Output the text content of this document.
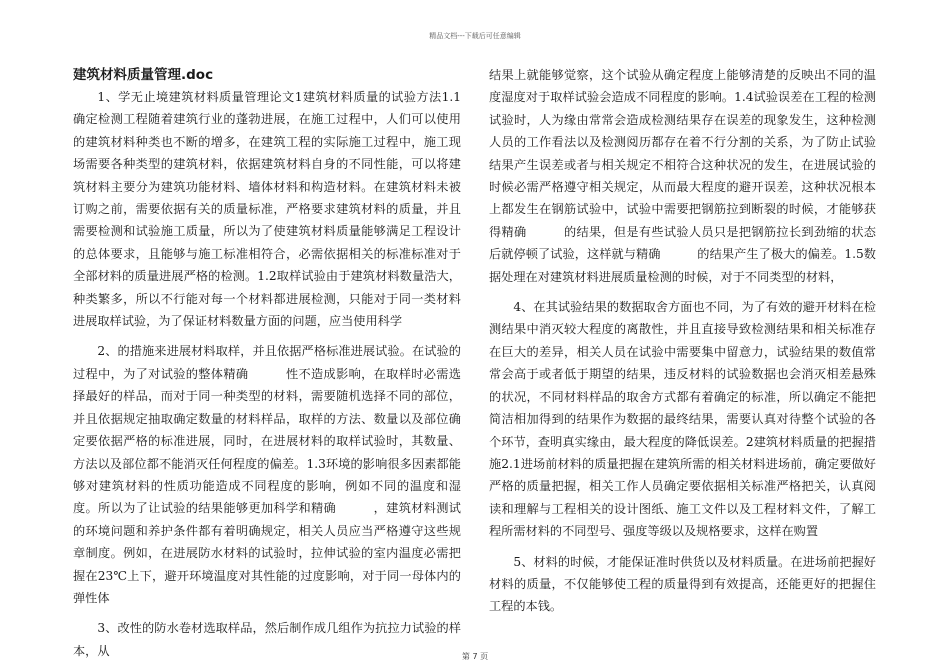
精品文档---下载后可任意编辑

建筑材料质量管理.doc

1、学无止境建筑材料质量管理论文1建筑材料质量的试验方法1.1确定检测工程随着建筑行业的蓬勃进展，在施工过程中，人们可以使用的建筑材料种类也不断的增多，在建筑工程的实际施工过程中，施工现场需要各种类型的建筑材料，依据建筑材料自身的不同性能，可以将建筑材料主要分为建筑功能材料、墙体材料和构造材料。在建筑材料未被订购之前，需要依据有关的质量标准，严格要求建筑材料的质量，并且需要检测和试验施工质量，所以为了使建筑材料质量能够满足工程设计的总体要求，且能够与施工标准相符合，必需依据相关的标准标准对于全部材料的质量进展严格的检测。1.2取样试验由于建筑材料数量浩大，种类繁多，所以不行能对每一个材料都进展检测，只能对于同一类材料进展取样试验，为了保证材料数量方面的问题，应当使用科学

2、的措施来进展材料取样，并且依据严格标准进展试验。在试验的过程中，为了对试验的整体精确　　　性不造成影响，在取样时必需选择最好的样品，而对于同一种类型的材料，需要随机选择不同的部位，并且依据规定抽取确定数量的材料样品，取样的方法、数量以及部位确定要依据严格的标准进展，同时，在进展材料的取样试验时，其数量、方法以及部位都不能消灭任何程度的偏差。1.3环境的影响很多因素都能够对建筑材料的性质功能造成不同程度的影响，例如不同的温度和湿度。所以为了让试验的结果能够更加科学和精确　　　，建筑材料测试的环境问题和养护条件都有着明确规定，相关人员应当严格遵守这些规章制度。例如，在进展防水材料的试验时，拉伸试验的室内温度必需把握在23℃上下，避开环境温度对其性能的过度影响，对于同一母体内的弹性体

3、改性的防水卷材选取样品，然后制作成几组作为抗拉力试验的样本，从

结果上就能够觉察，这个试验从确定程度上能够清楚的反映出不同的温度湿度对于取样试验会造成不同程度的影响。1.4试验误差在工程的检测试验时，人为缘由常常会造成检测结果存在误差的现象发生，这种检测人员的工作看法以及检测阅历都存在着不行分割的关系，为了防止试验结果产生误差或者与相关规定不相符合这种状况的发生，在进展试验的时候必需严格遵守相关规定，从而最大程度的避开误差，这种状况根本上都发生在钢筋试验中，试验中需要把钢筋拉到断裂的时候，才能够获得精确　　　的结果，但是有些试验人员只是把钢筋拉长到劲缩的状态后就停顿了试验，这样就与精确　　　的结果产生了极大的偏差。1.5数据处理在对建筑材料进展质量检测的时候，对于不同类型的材料，

4、在其试验结果的数据取舍方面也不同，为了有效的避开材料在检测结果中消灭较大程度的离散性，并且直接导致检测结果和相关标准存在巨大的差异，相关人员在试验中需要集中留意力，试验结果的数值常常会高于或者低于期望的结果，违反材料的试验数据也会消灭相差悬殊的状况，不同材料样品的取舍方式都有着确定的标准，所以确定不能把简洁相加得到的结果作为数据的最终结果，需要认真对待整个试验的各个环节，查明真实缘由，最大程度的降低误差。2建筑材料质量的把握措施2.1进场前材料的质量把握在建筑所需的相关材料进场前，确定要做好严格的质量把握，相关工作人员确定要依据相关标准严格把关，认真阅读和理解与工程相关的设计图纸、施工文件以及工程材料文件，了解工程所需材料的不同型号、强度等级以及规格要求，这样在购置

5、材料的时候，才能保证准时供货以及材料质量。在进场前把握好材料的质量，不仅能够使工程的质量得到有效提高，还能更好的把握住工程的本钱。

第 7 页
